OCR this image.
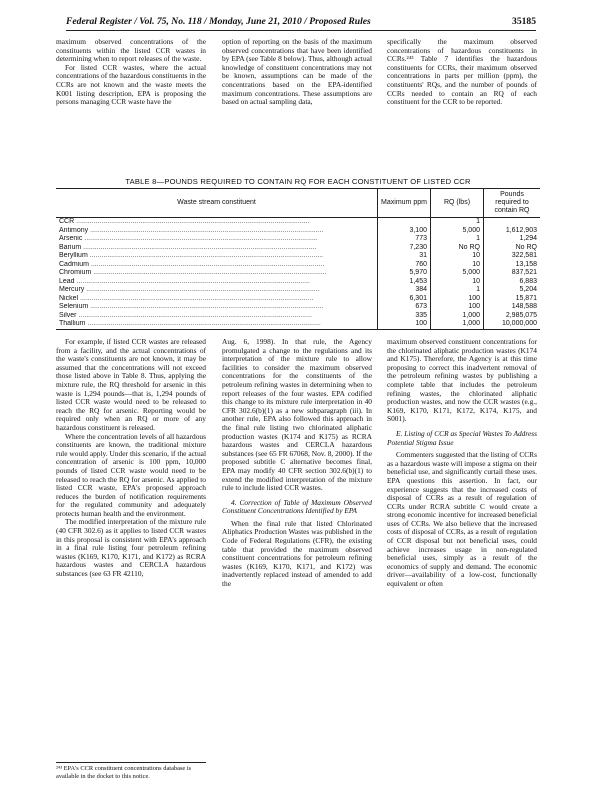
Federal Register / Vol. 75, No. 118 / Monday, June 21, 2010 / Proposed Rules	35185

maximum observed concentrations of the constituents within the listed CCR wastes in determining when to report releases of the waste.

For listed CCR wastes, where the actual concentrations of the hazardous constituents in the CCRs are not known and the waste meets the K001 listing description, EPA is proposing the persons managing CCR waste have the

option of reporting on the basis of the maximum observed concentrations that have been identified by EPA (see Table 8 below). Thus, although actual knowledge of constituent concentrations may not be known, assumptions can be made of the concentrations based on the EPA-identified maximum concentrations. These assumptions are based on actual sampling data,

specifically the maximum observed concentrations of hazardous constituents in CCRs.²⁴³ Table 7 identifies the hazardous constituents for CCRs, their maximum observed concentrations in parts per million (ppm), the constituents' RQs, and the number of pounds of CCRs needed to contain an RQ of each constituent for the CCR to be reported.

TABLE 8—POUNDS REQUIRED TO CONTAIN RQ FOR EACH CONSTITUENT OF LISTED CCR
Waste stream constituent	Maximum ppm	RQ (lbs)	Pounds required to contain RQ
CCR ........................................................................................................................		1	
Antimony ........................................................................................................................	3,100	5,000	1,612,903
Arsenic ........................................................................................................................	773	1	1,294
Barium ........................................................................................................................	7,230	No RQ	No RQ
Beryllium ........................................................................................................................	31	10	322,581
Cadmium ........................................................................................................................	760	10	13,158
Chromium ........................................................................................................................	5,970	5,000	837,521
Lead ........................................................................................................................	1,453	10	6,883
Mercury ........................................................................................................................	384	1	5,204
Nickel ........................................................................................................................	6,301	100	15,871
Selenium ........................................................................................................................	673	100	148,588
Silver ........................................................................................................................	335	1,000	2,985,075
Thallium ........................................................................................................................	100	1,000	10,000,000

For example, if listed CCR wastes are released from a facility, and the actual concentrations of the waste's constituents are not known, it may be assumed that the concentrations will not exceed those listed above in Table 8. Thus, applying the mixture rule, the RQ threshold for arsenic in this waste is 1,294 pounds—that is, 1,294 pounds of listed CCR waste would need to be released to reach the RQ for arsenic. Reporting would be required only when an RQ or more of any hazardous constituent is released.

Where the concentration levels of all hazardous constituents are known, the traditional mixture rule would apply. Under this scenario, if the actual concentration of arsenic is 100 ppm, 10,000 pounds of listed CCR waste would need to be released to reach the RQ for arsenic. As applied to listed CCR waste, EPA's proposed approach reduces the burden of notification requirements for the regulated community and adequately protects human health and the environment.

The modified interpretation of the mixture rule (40 CFR 302.6) as it applies to listed CCR wastes in this proposal is consistent with EPA's approach in a final rule listing four petroleum refining wastes (K169, K170, K171, and K172) as RCRA hazardous wastes and CERCLA hazardous substances (see 63 FR 42110,

Aug. 6, 1998). In that rule, the Agency promulgated a change to the regulations and its interpretation of the mixture rule to allow facilities to consider the maximum observed concentrations for the constituents of the petroleum refining wastes in determining when to report releases of the four wastes. EPA codified this change to its mixture rule interpretation in 40 CFR 302.6(b)(1) as a new subparagraph (iii). In another rule, EPA also followed this approach in the final rule listing two chlorinated aliphatic production wastes (K174 and K175) as RCRA hazardous wastes and CERCLA hazardous substances (see 65 FR 67068, Nov. 8, 2000). If the proposed subtitle C alternative becomes final, EPA may modify 40 CFR section 302.6(b)(1) to extend the modified interpretation of the mixture rule to include listed CCR wastes.

4. Correction of Table of Maximum Observed Constituent Concentrations Identified by EPA

When the final rule that listed Chlorinated Aliphatics Production Wastes was published in the Code of Federal Regulations (CFR), the existing table that provided the maximum observed constituent concentrations for petroleum refining wastes (K169, K170, K171, and K172) was inadvertently replaced instead of amended to add the

maximum observed constituent concentrations for the chlorinated aliphatic production wastes (K174 and K175). Therefore, the Agency is at this time proposing to correct this inadvertent removal of the petroleum refining wastes by publishing a complete table that includes the petroleum refining wastes, the chlorinated aliphatic production wastes, and now the CCR wastes (e.g., K169, K170, K171, K172, K174, K175, and S001).

E. Listing of CCR as Special Wastes To Address Potential Stigma Issue

Commenters suggested that the listing of CCRs as a hazardous waste will impose a stigma on their beneficial use, and significantly curtail these uses. EPA questions this assertion. In fact, our experience suggests that the increased costs of disposal of CCRs as a result of regulation of CCRs under RCRA subtitle C would create a strong economic incentive for increased beneficial uses of CCRs. We also believe that the increased costs of disposal of CCRs, as a result of regulation of CCR disposal but not beneficial uses, could achieve increases usage in non-regulated beneficial uses, simply as a result of the economics of supply and demand. The economic driver—availability of a low-cost, functionally equivalent or often

²⁴³ EPA's CCR constituent concentrations database is available in the docket to this notice.
